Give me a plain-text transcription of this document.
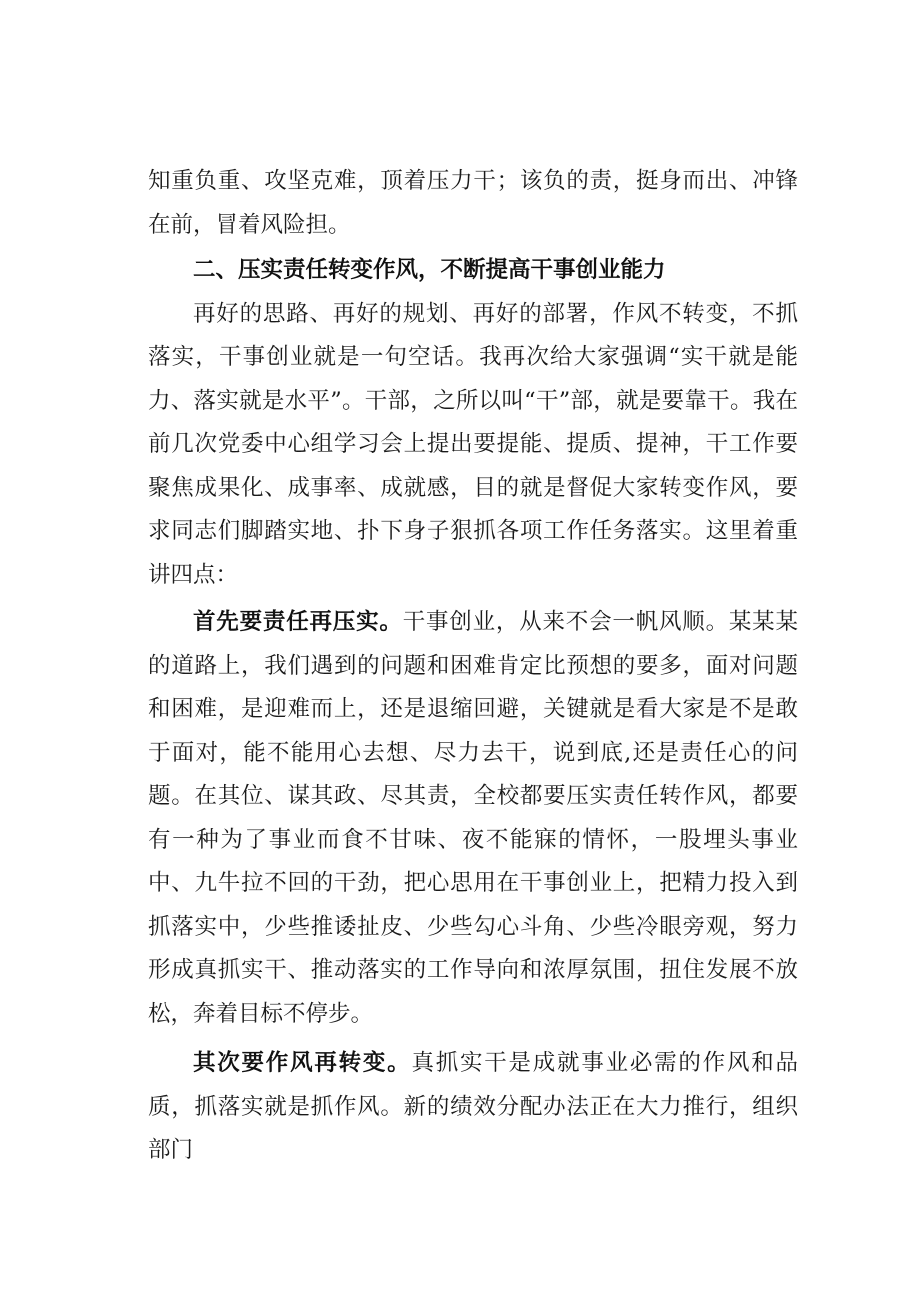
知重负重、攻坚克难，顶着压力干；该负的责，挺身而出、冲锋在前，冒着风险担。

二、压实责任转变作风，不断提高干事创业能力

再好的思路、再好的规划、再好的部署，作风不转变，不抓落实，干事创业就是一句空话。我再次给大家强调“实干就是能力、落实就是水平”。干部，之所以叫“干”部，就是要靠干。我在前几次党委中心组学习会上提出要提能、提质、提神，干工作要聚焦成果化、成事率、成就感，目的就是督促大家转变作风，要求同志们脚踏实地、扑下身子狠抓各项工作任务落实。这里着重讲四点：

首先要责任再压实。干事创业，从来不会一帆风顺。某某某的道路上，我们遇到的问题和困难肯定比预想的要多，面对问题和困难，是迎难而上，还是退缩回避，关键就是看大家是不是敢于面对，能不能用心去想、尽力去干，说到底,还是责任心的问题。在其位、谋其政、尽其责，全校都要压实责任转作风，都要有一种为了事业而食不甘味、夜不能寐的情怀，一股埋头事业中、九牛拉不回的干劲，把心思用在干事创业上，把精力投入到抓落实中，少些推诿扯皮、少些勾心斗角、少些冷眼旁观，努力形成真抓实干、推动落实的工作导向和浓厚氛围，扭住发展不放松，奔着目标不停步。

其次要作风再转变。真抓实干是成就事业必需的作风和品质，抓落实就是抓作风。新的绩效分配办法正在大力推行，组织部门
